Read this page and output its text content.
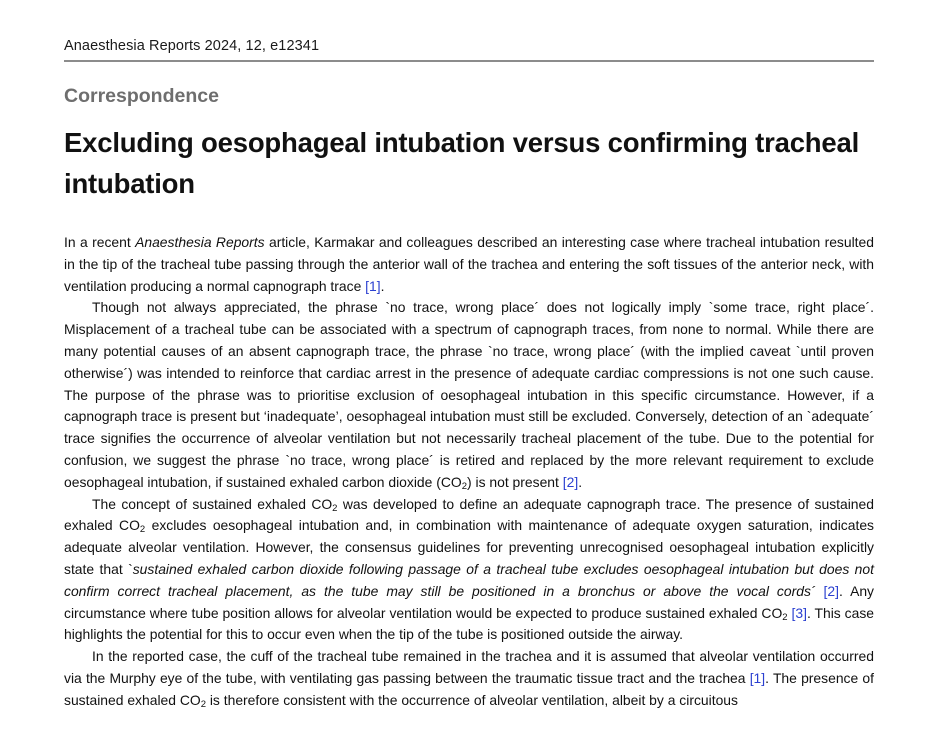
Anaesthesia Reports 2024, 12, e12341
Correspondence
Excluding oesophageal intubation versus confirming tracheal intubation

In a recent Anaesthesia Reports article, Karmakar and colleagues described an interesting case where tracheal intubation resulted in the tip of the tracheal tube passing through the anterior wall of the trachea and entering the soft tissues of the anterior neck, with ventilation producing a normal capnograph trace [1].

Though not always appreciated, the phrase `no trace, wrong place´ does not logically imply `some trace, right place´. Misplacement of a tracheal tube can be associated with a spectrum of capnograph traces, from none to normal. While there are many potential causes of an absent capnograph trace, the phrase `no trace, wrong place´ (with the implied caveat `until proven otherwise´) was intended to reinforce that cardiac arrest in the presence of adequate cardiac compressions is not one such cause. The purpose of the phrase was to prioritise exclusion of oesophageal intubation in this specific circumstance. However, if a capnograph trace is present but ‘inadequate’, oesophageal intubation must still be excluded. Conversely, detection of an `adequate´ trace signifies the occurrence of alveolar ventilation but not necessarily tracheal placement of the tube. Due to the potential for confusion, we suggest the phrase `no trace, wrong place´ is retired and replaced by the more relevant requirement to exclude oesophageal intubation, if sustained exhaled carbon dioxide $(CO_2)$ is not present [2].

The concept of sustained exhaled $CO_2$ was developed to define an adequate capnograph trace. The presence of sustained exhaled $CO_2$ excludes oesophageal intubation and, in combination with maintenance of adequate oxygen saturation, indicates adequate alveolar ventilation. However, the consensus guidelines for preventing unrecognised oesophageal intubation explicitly state that `sustained exhaled carbon dioxide following passage of a tracheal tube excludes oesophageal intubation but does not confirm correct tracheal placement, as the tube may still be positioned in a bronchus or above the vocal cords´ [2]. Any circumstance where tube position allows for alveolar ventilation would be expected to produce sustained exhaled $CO_2$ [3]. This case highlights the potential for this to occur even when the tip of the tube is positioned outside the airway.

In the reported case, the cuff of the tracheal tube remained in the trachea and it is assumed that alveolar ventilation occurred via the Murphy eye of the tube, with ventilating gas passing between the traumatic tissue tract and the trachea [1]. The presence of sustained exhaled $CO_2$ is therefore consistent with the occurrence of alveolar ventilation, albeit by a circuitous
